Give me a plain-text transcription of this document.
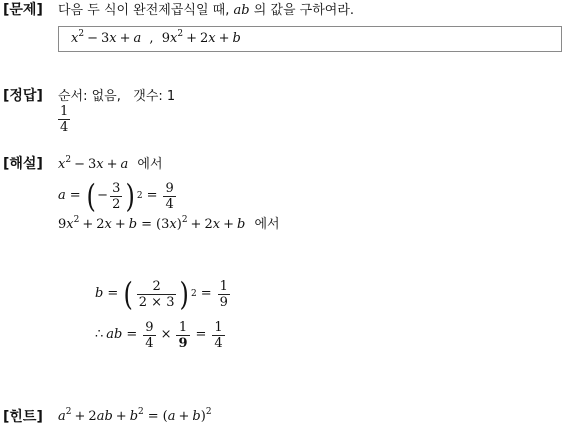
[문제] 다음 두 식이 완전제곱식일 때, ab 의 값을 구하여라.
$x^2 - 3x + a$ , $9x^2 + 2x + b$
[정답] 순서: 없음,   갯수: 1
$\frac{1}{4}$
[해설] $x^2 - 3x + a$ 에서
a = ( − $\frac{3}{2}$ ) $2 = \frac{9}{4}$
$9x^2 + 2x + b = (3x)^2 + 2x + b$ 에서
b = ( $\frac{2}{2 \times 3}$ ) $2 = \frac{1}{9}$
∴ a $b = \frac{9}{4} \times \frac{1}{9} = \frac{1}{4}$
[힌트] $a^2 + 2ab + b^2 = (a + b)^2$
